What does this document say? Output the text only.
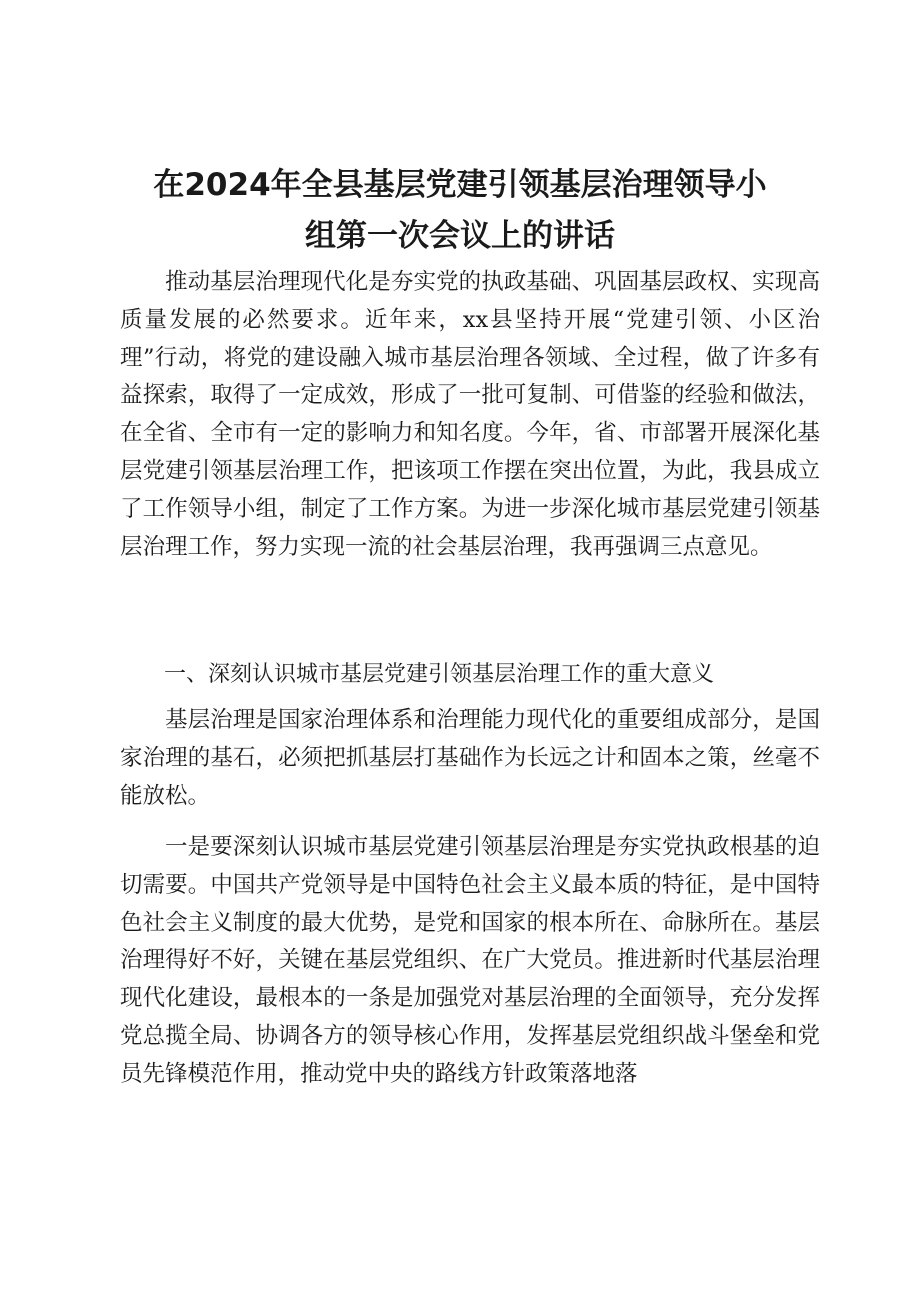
在2024年全县基层党建引领基层治理领导小
组第一次会议上的讲话

推动基层治理现代化是夯实党的执政基础、巩固基层政权、实现高质量发展的必然要求。近年来，xx县坚持开展“党建引领、小区治理”行动，将党的建设融入城市基层治理各领域、全过程，做了许多有益探索，取得了一定成效，形成了一批可复制、可借鉴的经验和做法，在全省、全市有一定的影响力和知名度。今年，省、市部署开展深化基层党建引领基层治理工作，把该项工作摆在突出位置，为此，我县成立了工作领导小组，制定了工作方案。为进一步深化城市基层党建引领基层治理工作，努力实现一流的社会基层治理，我再强调三点意见。

一、深刻认识城市基层党建引领基层治理工作的重大意义

基层治理是国家治理体系和治理能力现代化的重要组成部分，是国家治理的基石，必须把抓基层打基础作为长远之计和固本之策，丝毫不能放松。

一是要深刻认识城市基层党建引领基层治理是夯实党执政根基的迫切需要。中国共产党领导是中国特色社会主义最本质的特征，是中国特色社会主义制度的最大优势，是党和国家的根本所在、命脉所在。基层治理得好不好，关键在基层党组织、在广大党员。推进新时代基层治理现代化建设，最根本的一条是加强党对基层治理的全面领导，充分发挥党总揽全局、协调各方的领导核心作用，发挥基层党组织战斗堡垒和党员先锋模范作用，推动党中央的路线方针政策落地落
